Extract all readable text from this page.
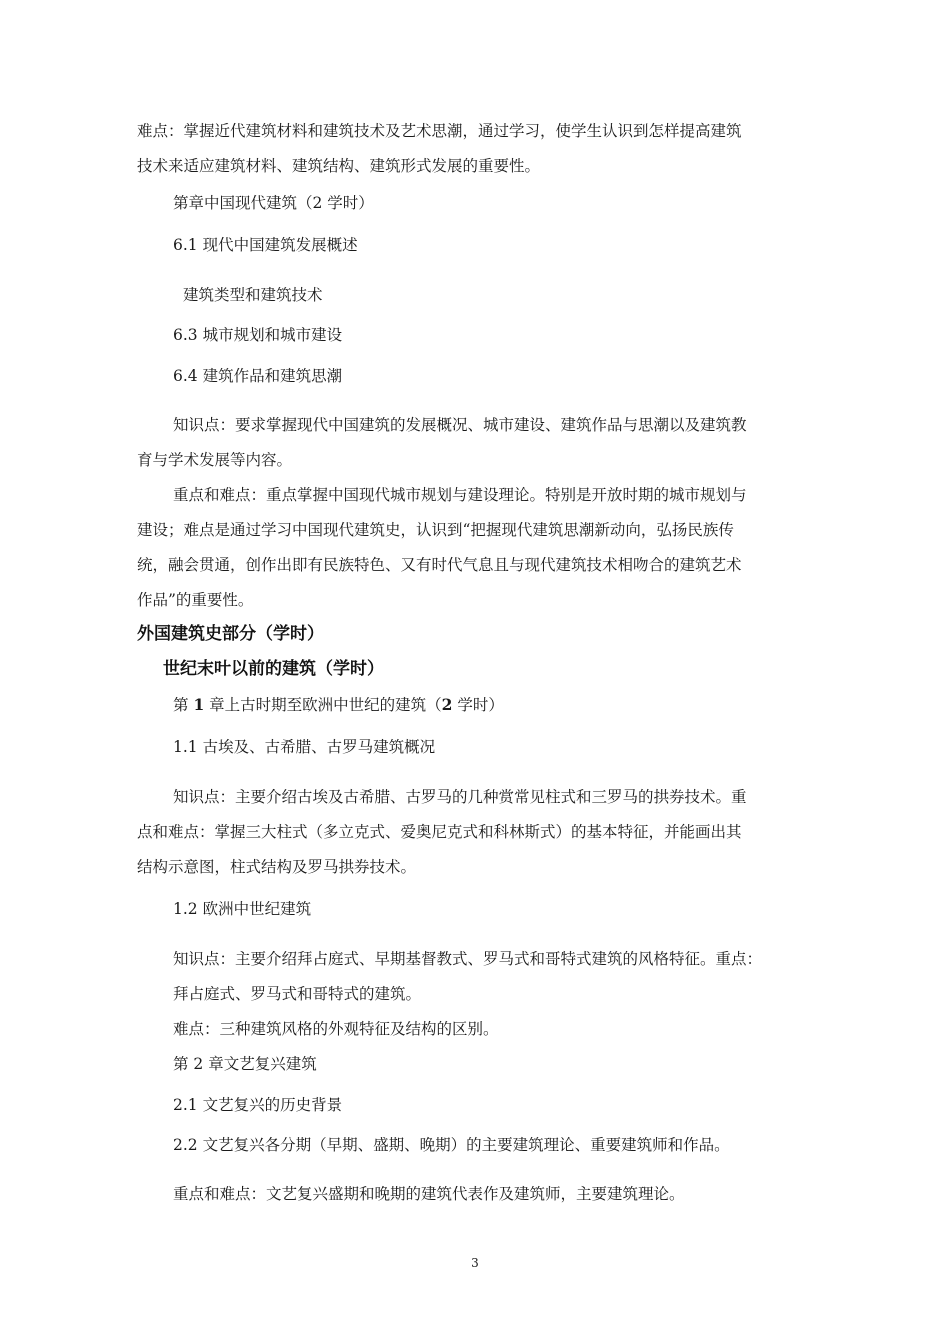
难点：掌握近代建筑材料和建筑技术及艺术思潮，通过学习，使学生认识到怎样提高建筑
技术来适应建筑材料、建筑结构、建筑形式发展的重要性。
第章中国现代建筑（2 学时）
6.1 现代中国建筑发展概述
建筑类型和建筑技术
6.3 城市规划和城市建设
6.4 建筑作品和建筑思潮
知识点：要求掌握现代中国建筑的发展概况、城市建设、建筑作品与思潮以及建筑教
育与学术发展等内容。
重点和难点：重点掌握中国现代城市规划与建设理论。特别是开放时期的城市规划与
建设；难点是通过学习中国现代建筑史，认识到“把握现代建筑思潮新动向，弘扬民族传
统，融会贯通，创作出即有民族特色、又有时代气息且与现代建筑技术相吻合的建筑艺术
作品”的重要性。
外国建筑史部分（学时）
世纪末叶以前的建筑（学时）
第 1 章上古时期至欧洲中世纪的建筑（2 学时）
1.1 古埃及、古希腊、古罗马建筑概况
知识点：主要介绍古埃及古希腊、古罗马的几种赏常见柱式和三罗马的拱券技术。重
点和难点：掌握三大柱式（多立克式、爱奥尼克式和科林斯式）的基本特征，并能画出其
结构示意图，柱式结构及罗马拱券技术。
1.2 欧洲中世纪建筑
知识点：主要介绍拜占庭式、早期基督教式、罗马式和哥特式建筑的风格特征。重点：
拜占庭式、罗马式和哥特式的建筑。
难点：三种建筑风格的外观特征及结构的区别。
第 2 章文艺复兴建筑
2.1 文艺复兴的历史背景
2.2 文艺复兴各分期（早期、盛期、晚期）的主要建筑理论、重要建筑师和作品。
重点和难点：文艺复兴盛期和晚期的建筑代表作及建筑师，主要建筑理论。
3
